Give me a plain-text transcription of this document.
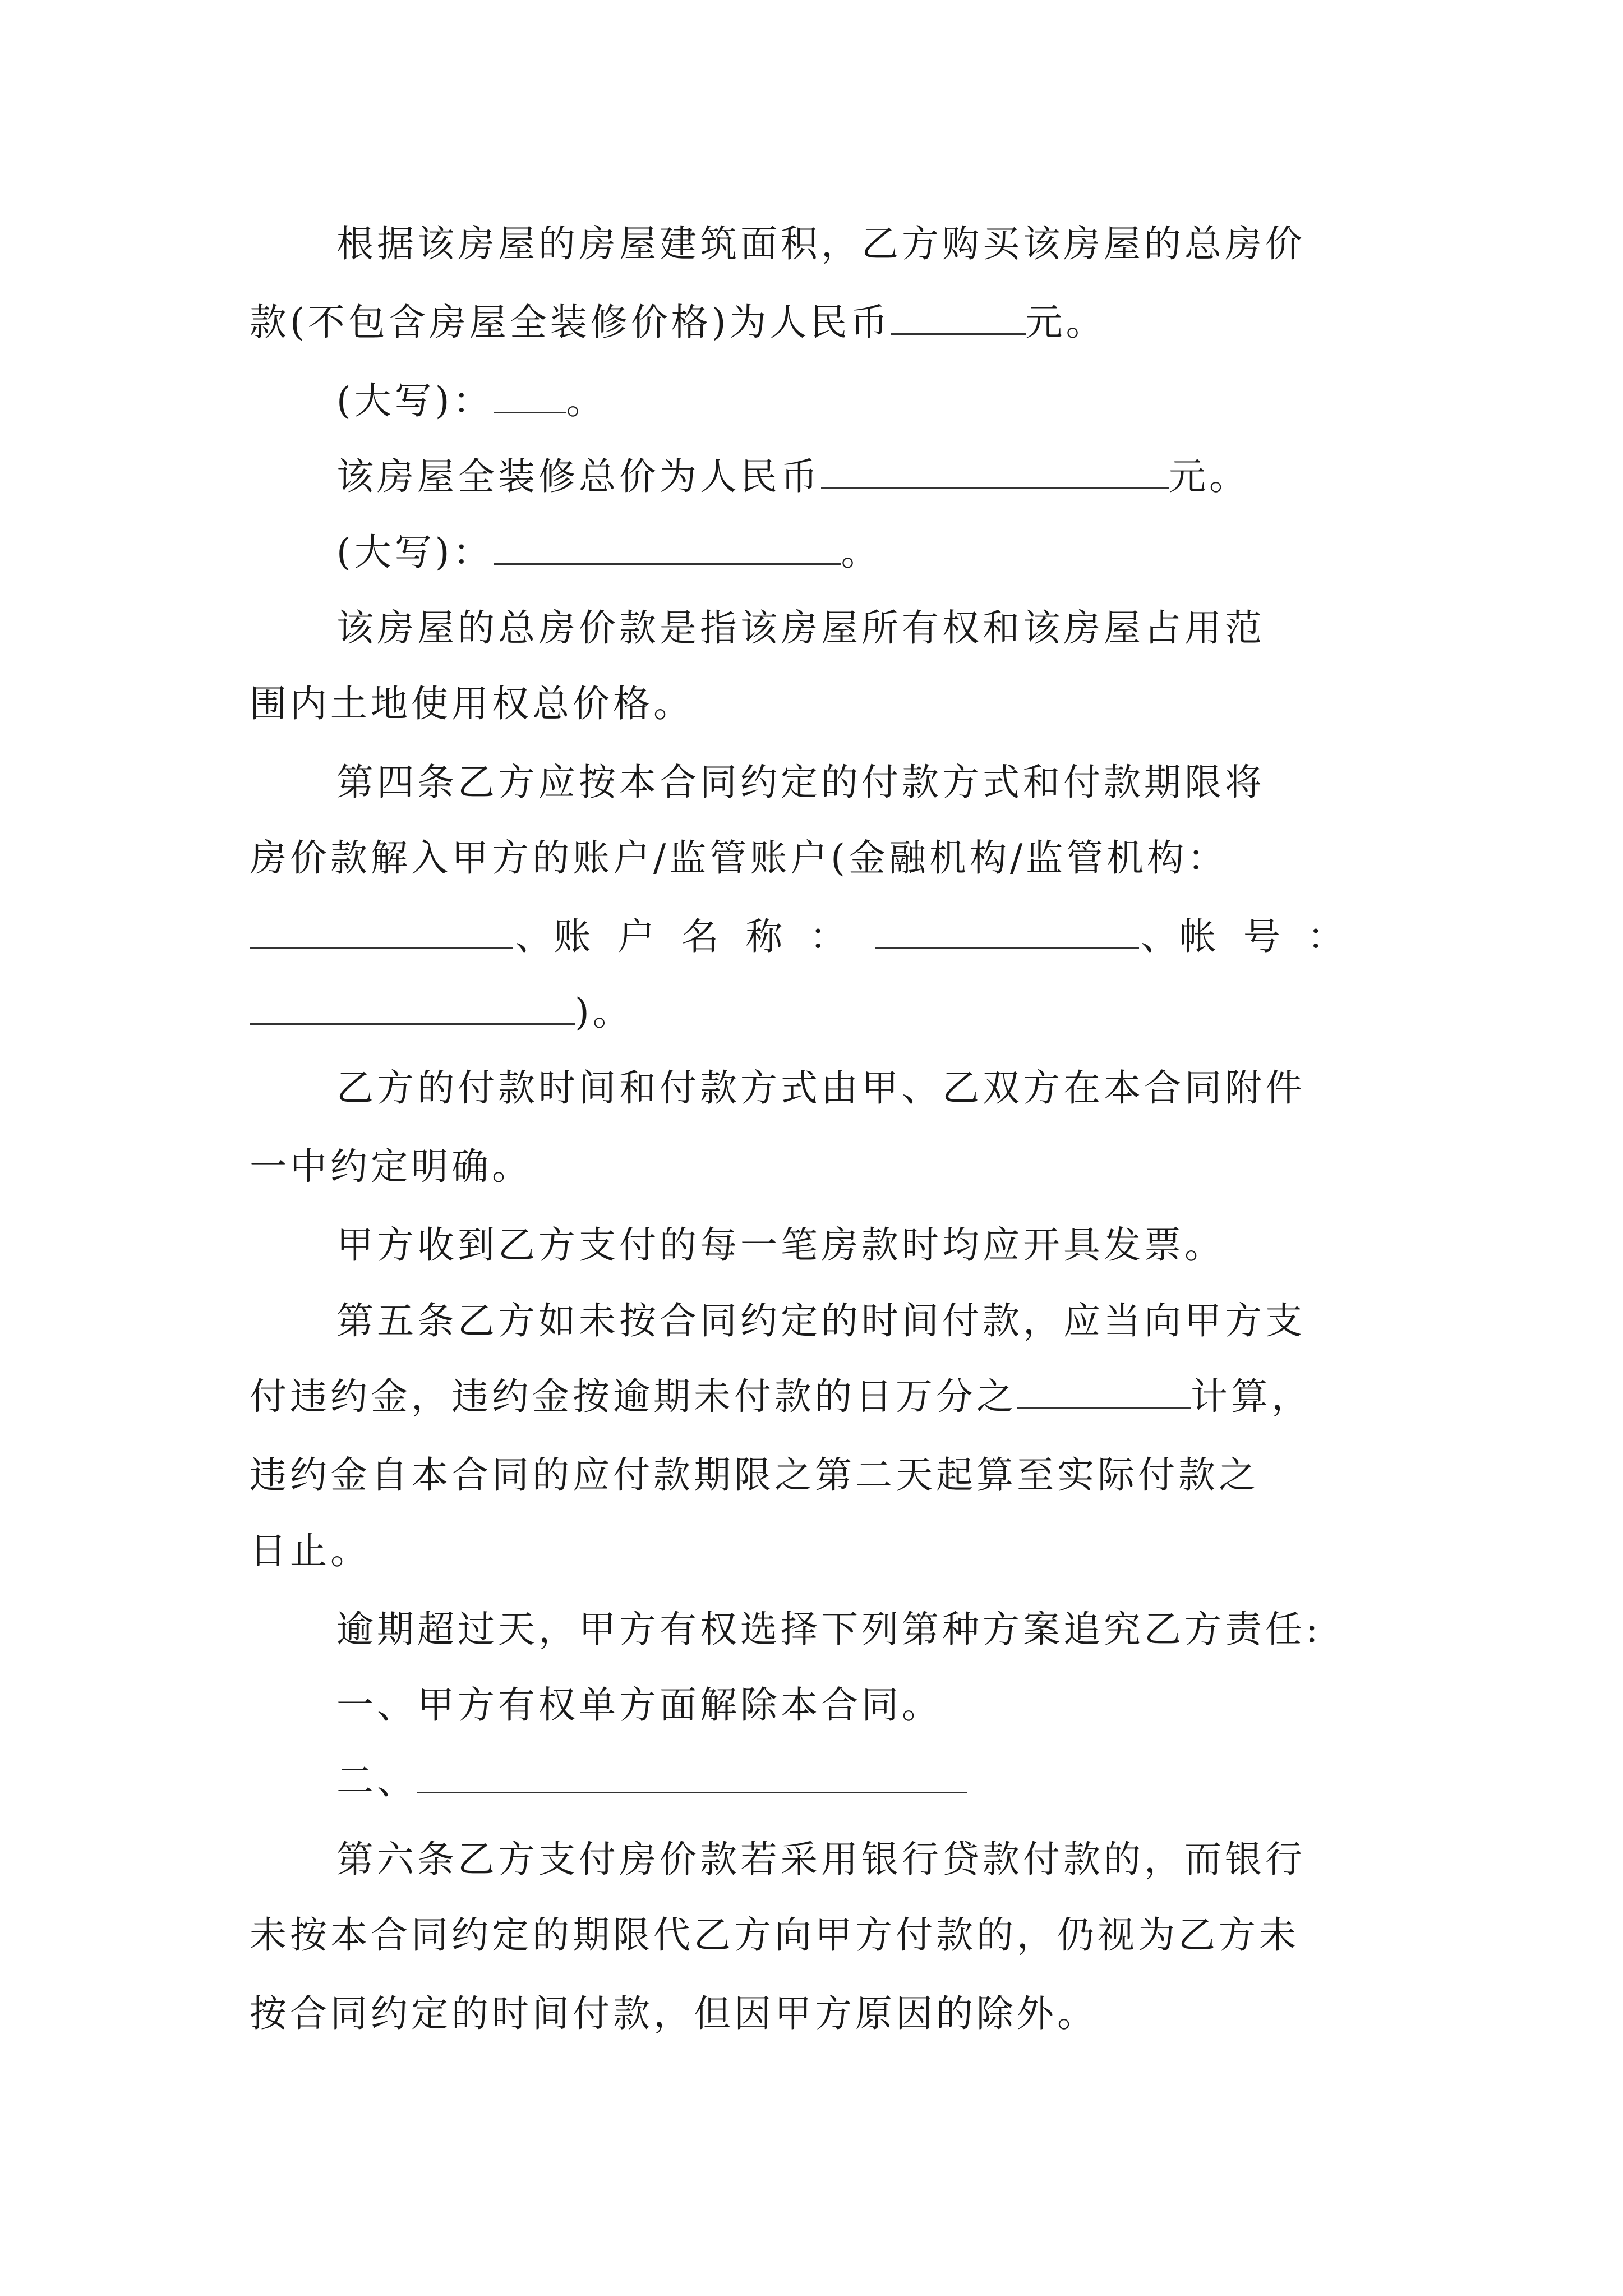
根据该房屋的房屋建筑面积，乙方购买该房屋的总房价
款(不包含房屋全装修价格)为人民币	元。
(大写)： 。
该房屋全装修总价为人民币	元。
(大写)：	。
该房屋的总房价款是指该房屋所有权和该房屋占用范
围内土地使用权总价格。
第四条乙方应按本合同约定的付款方式和付款期限将
房价款解入甲方的账户/监管账户(金融机构/监管机构：
、 账户名称：	、 帐号：
)。
乙方的付款时间和付款方式由甲、乙双方在本合同附件
一中约定明确。
甲方收到乙方支付的每一笔房款时均应开具发票。
第五条乙方如未按合同约定的时间付款，应当向甲方支
付违约金，违约金按逾期未付款的日万分之	计算，
违约金自本合同的应付款期限之第二天起算至实际付款之
日止。
逾期超过天，甲方有权选择下列第种方案追究乙方责任:
一、甲方有权单方面解除本合同。
二、
第六条乙方支付房价款若采用银行贷款付款的，而银行
未按本合同约定的期限代乙方向甲方付款的，仍视为乙方未
按合同约定的时间付款，但因甲方原因的除外。
